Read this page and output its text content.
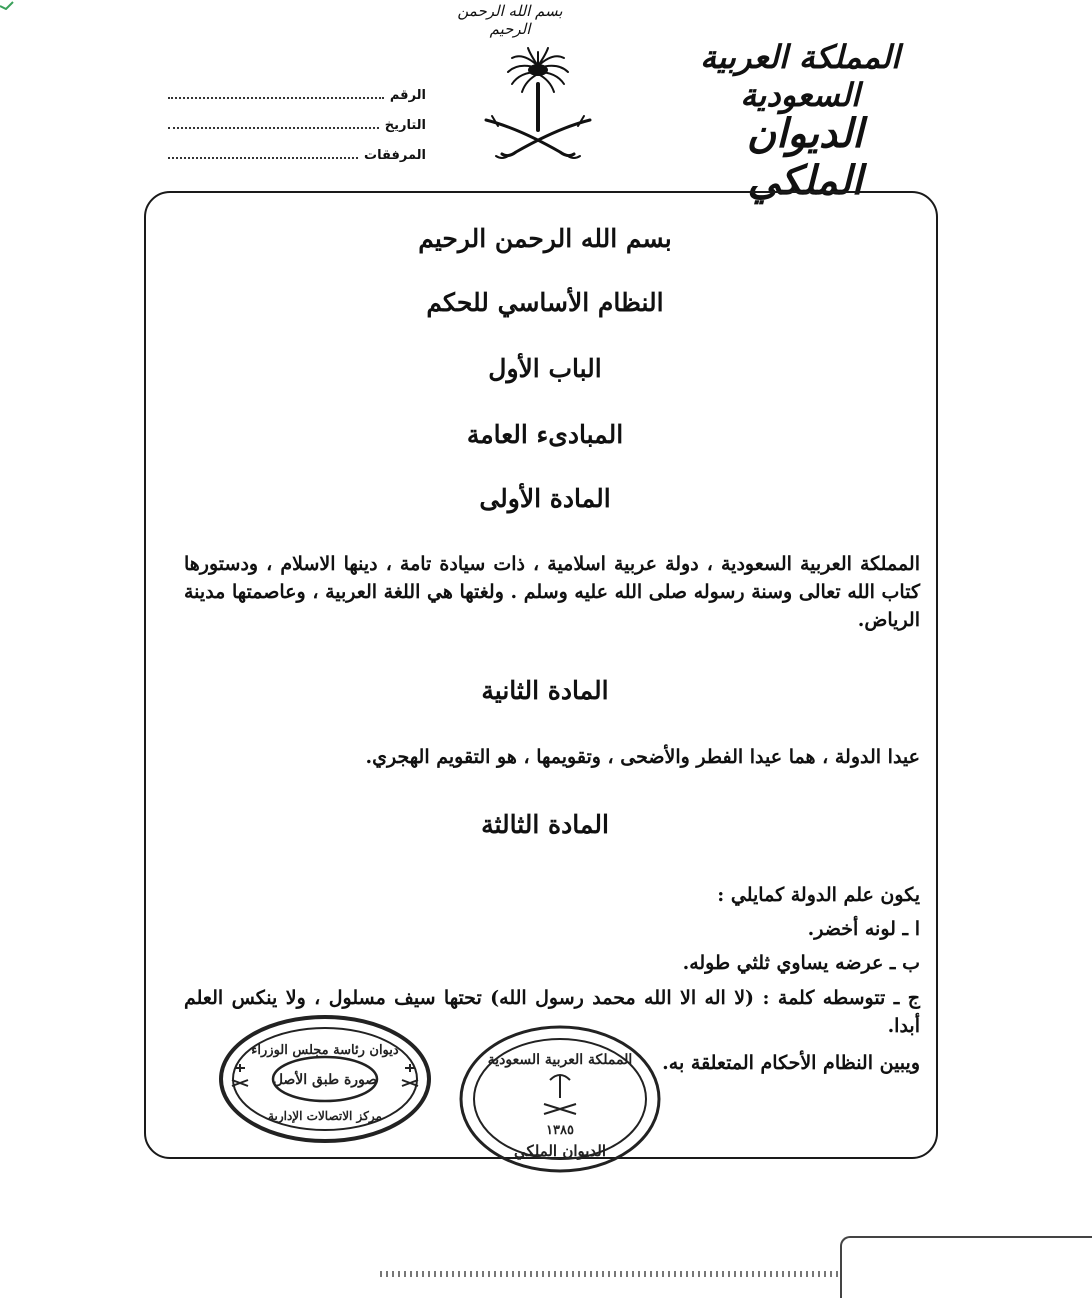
بسم الله الرحمن الرحيم
المملكة العربية السعودية
الديوان الملكي
الرقم
التاريخ
المرفقات
بسم الله الرحمن الرحيم
النظام الأساسي للحكم
الباب الأول
المبادىء العامة
المادة الأولى
المملكة العربية السعودية ، دولة عربية اسلامية ، ذات سيادة تامة ، دينها الاسلام ، ودستورها كتاب الله تعالى وسنة رسوله صلى الله عليه وسلم . ولغتها هي اللغة العربية ، وعاصمتها مدينة الرياض.
المادة الثانية
عيدا الدولة ، هما عيدا الفطر والأضحى ، وتقويمها ، هو التقويم الهجري.
المادة الثالثة
يكون علم الدولة كمايلي :
ا ـ لونه أخضر.
ب ـ عرضه يساوي ثلثي طوله.
ج ـ تتوسطه كلمة : (لا اله الا الله محمد رسول الله) تحتها سيف مسلول ، ولا ينكس العلم أبدا.
ويبين النظام الأحكام المتعلقة به.
ديوان رئاسة مجلس الوزراء
صورة طبق الأصل
مركز الاتصالات الإدارية
المملكة العربية السعودية
١٣٨٥
الديوان الملكي
